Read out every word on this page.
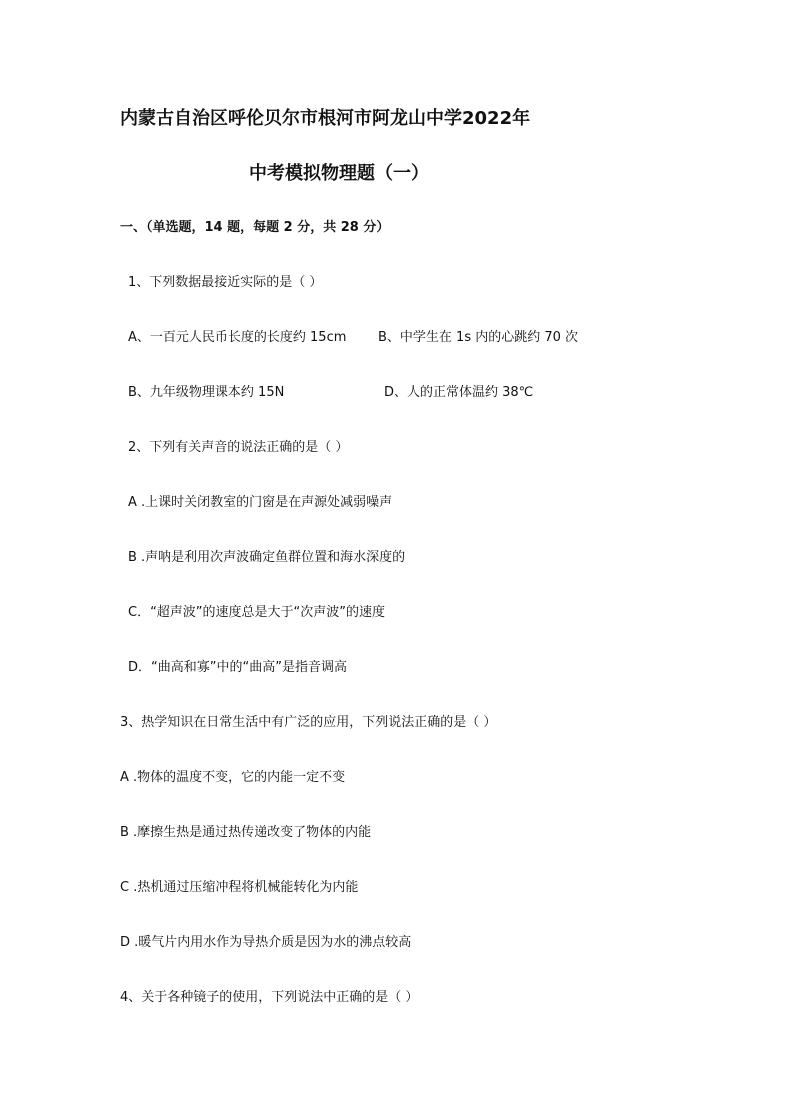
内蒙古自治区呼伦贝尔市根河市阿龙山中学2022年
中考模拟物理题（一）
一、（单选题，14 题，每题 2 分，共 28 分）
1、下列数据最接近实际的是（ ）
A、一百元人民币长度的长度约 15cm B、中学生在 1s 内的心跳约 70 次
B、九年级物理课本约 15N	D、人的正常体温约 38℃
2、下列有关声音的说法正确的是（ ）
A .上课时关闭教室的门窗是在声源处减弱噪声
B .声呐是利用次声波确定鱼群位置和海水深度的
C．“超声波”的速度总是大于“次声波”的速度
D．“曲高和寡”中的“曲高”是指音调高
3、热学知识在日常生活中有广泛的应用，下列说法正确的是（ ）
A .物体的温度不变，它的内能一定不变
B .摩擦生热是通过热传递改变了物体的内能
C .热机通过压缩冲程将机械能转化为内能
D .暖气片内用水作为导热介质是因为水的沸点较高
4、关于各种镜子的使用，下列说法中正确的是（ ）
